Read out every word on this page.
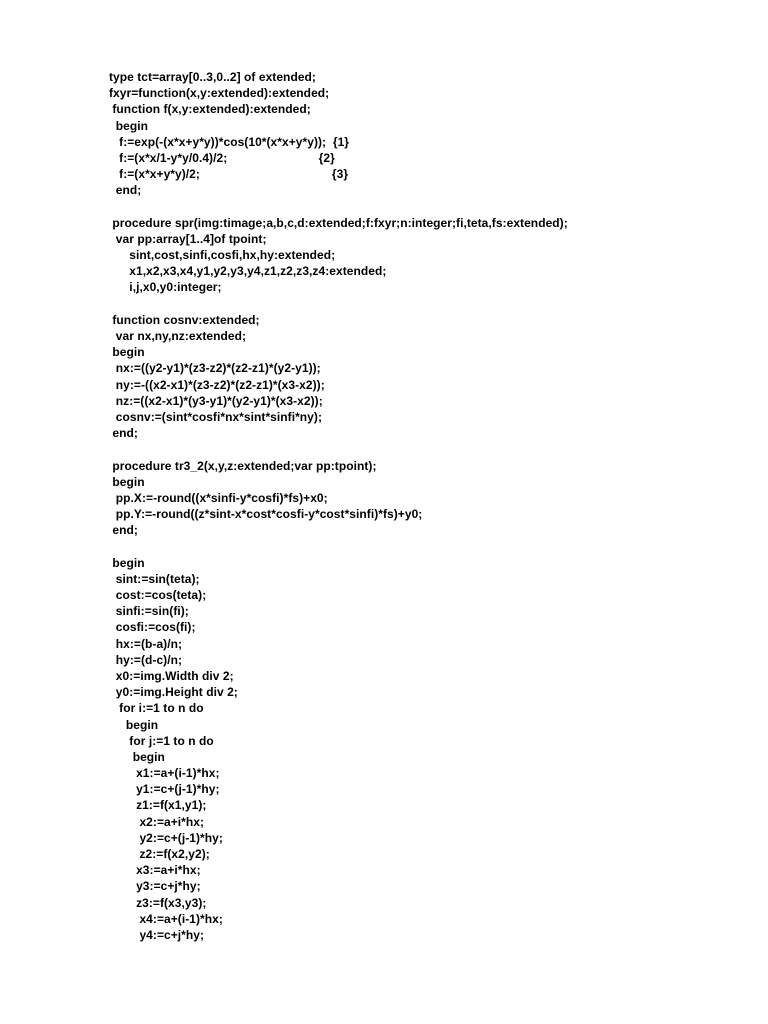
type tct=array[0..3,0..2] of extended;
fxyr=function(x,y:extended):extended;
function f(x,y:extended):extended;
begin
f:=exp(-(x*x+y*y))*cos(10*(x*x+y*y));  {1}
f:=(x*x/1-y*y/0.4)/2;                           {2}
f:=(x*x+y*y)/2;                                       {3}
end;
procedure spr(img:timage;a,b,c,d:extended;f:fxyr;n:integer;fi,teta,fs:extended);
var pp:array[1..4]of tpoint;
sint,cost,sinfi,cosfi,hx,hy:extended;
x1,x2,x3,x4,y1,y2,y3,y4,z1,z2,z3,z4:extended;
i,j,x0,y0:integer;
function cosnv:extended;
var nx,ny,nz:extended;
begin
nx:=((y2-y1)*(z3-z2)*(z2-z1)*(y2-y1));
ny:=-((x2-x1)*(z3-z2)*(z2-z1)*(x3-x2));
nz:=((x2-x1)*(y3-y1)*(y2-y1)*(x3-x2));
cosnv:=(sint*cosfi*nx*sint*sinfi*ny);
end;
procedure tr3_2(x,y,z:extended;var pp:tpoint);
begin
pp.X:=-round((x*sinfi-y*cosfi)*fs)+x0;
pp.Y:=-round((z*sint-x*cost*cosfi-y*cost*sinfi)*fs)+y0;
end;
begin
sint:=sin(teta);
cost:=cos(teta);
sinfi:=sin(fi);
cosfi:=cos(fi);
hx:=(b-a)/n;
hy:=(d-c)/n;
x0:=img.Width div 2;
y0:=img.Height div 2;
for i:=1 to n do
begin
for j:=1 to n do
begin
x1:=a+(i-1)*hx;
y1:=c+(j-1)*hy;
z1:=f(x1,y1);
x2:=a+i*hx;
y2:=c+(j-1)*hy;
z2:=f(x2,y2);
x3:=a+i*hx;
y3:=c+j*hy;
z3:=f(x3,y3);
x4:=a+(i-1)*hx;
y4:=c+j*hy;
